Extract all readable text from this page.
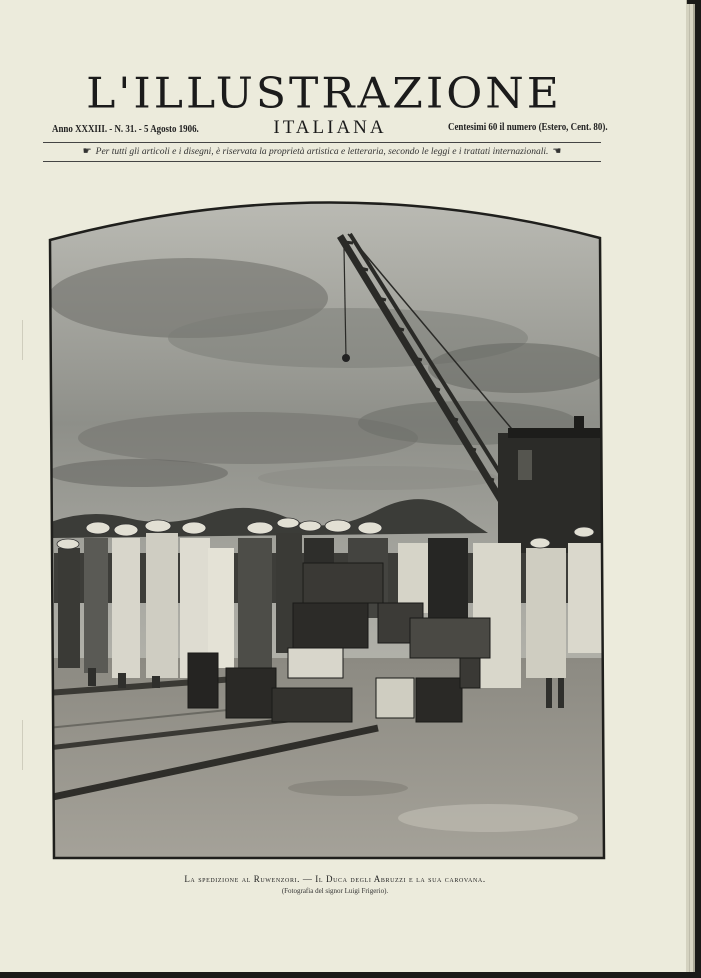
L'ILLUSTRAZIONE
Anno XXXIII. - N. 31. - 5 Agosto 1906.	ITALIANA	Centesimi 60 il numero (Estero, Cent. 80).
☛ Per tutti gli articoli e i disegni, è riservata la proprietà artistica e letteraria, secondo le leggi e i trattati internazionali. ☚
La spedizione al Ruwenzori. — Il Duca degli Abruzzi e la sua carovana.
(Fotografia del signor Luigi Frigerio).
